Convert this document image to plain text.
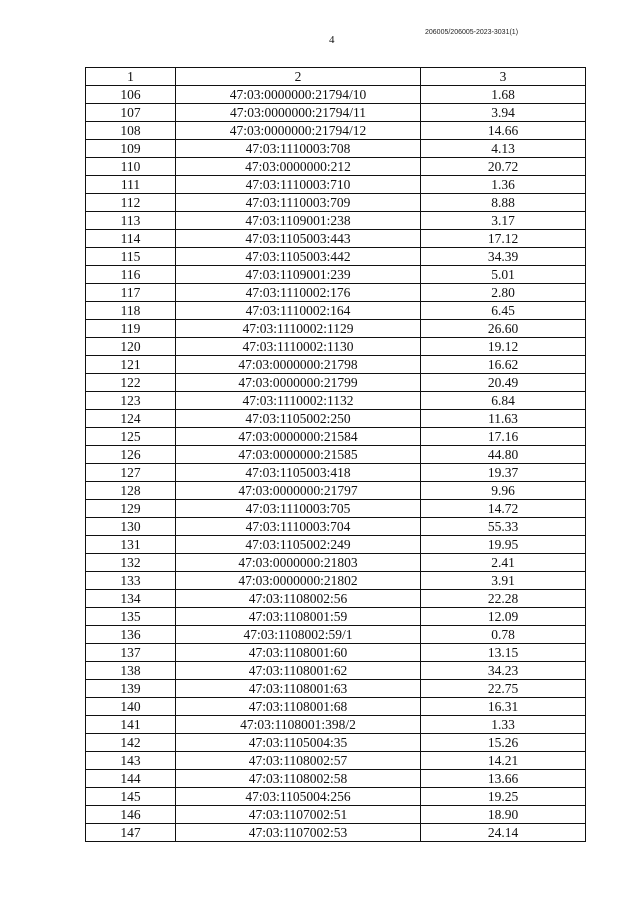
206005/206005-2023-3031(1)
4
1	2	3
106	47:03:0000000:21794/10	1.68
107	47:03:0000000:21794/11	3.94
108	47:03:0000000:21794/12	14.66
109	47:03:1110003:708	4.13
110	47:03:0000000:212	20.72
111	47:03:1110003:710	1.36
112	47:03:1110003:709	8.88
113	47:03:1109001:238	3.17
114	47:03:1105003:443	17.12
115	47:03:1105003:442	34.39
116	47:03:1109001:239	5.01
117	47:03:1110002:176	2.80
118	47:03:1110002:164	6.45
119	47:03:1110002:1129	26.60
120	47:03:1110002:1130	19.12
121	47:03:0000000:21798	16.62
122	47:03:0000000:21799	20.49
123	47:03:1110002:1132	6.84
124	47:03:1105002:250	11.63
125	47:03:0000000:21584	17.16
126	47:03:0000000:21585	44.80
127	47:03:1105003:418	19.37
128	47:03:0000000:21797	9.96
129	47:03:1110003:705	14.72
130	47:03:1110003:704	55.33
131	47:03:1105002:249	19.95
132	47:03:0000000:21803	2.41
133	47:03:0000000:21802	3.91
134	47:03:1108002:56	22.28
135	47:03:1108001:59	12.09
136	47:03:1108002:59/1	0.78
137	47:03:1108001:60	13.15
138	47:03:1108001:62	34.23
139	47:03:1108001:63	22.75
140	47:03:1108001:68	16.31
141	47:03:1108001:398/2	1.33
142	47:03:1105004:35	15.26
143	47:03:1108002:57	14.21
144	47:03:1108002:58	13.66
145	47:03:1105004:256	19.25
146	47:03:1107002:51	18.90
147	47:03:1107002:53	24.14
